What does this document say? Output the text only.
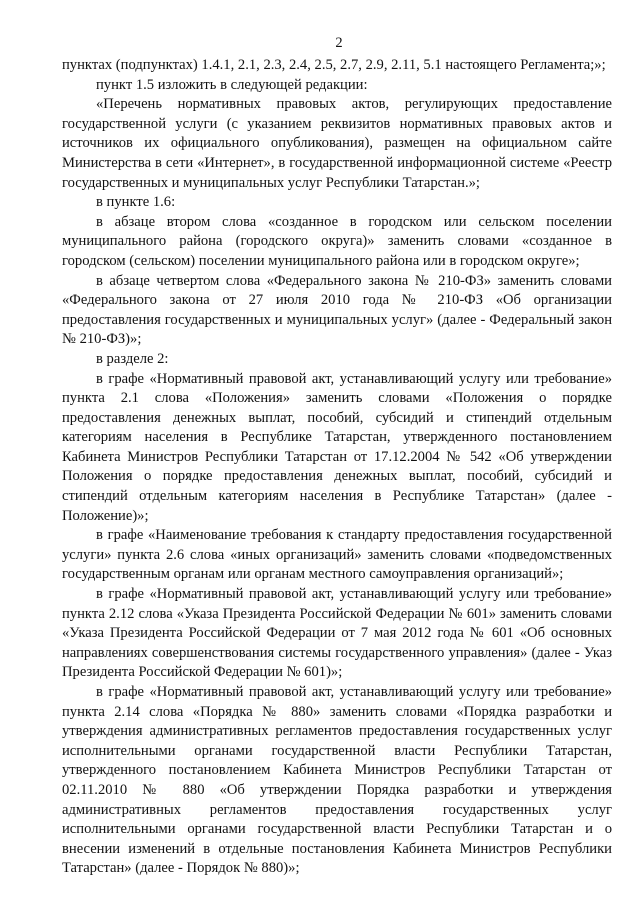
2

пунктах (подпунктах) 1.4.1, 2.1, 2.3, 2.4, 2.5, 2.7, 2.9, 2.11, 5.1 настоящего Регламента;»;

пункт 1.5 изложить в следующей редакции:

«Перечень нормативных правовых актов, регулирующих предоставление государственной услуги (с указанием реквизитов нормативных правовых актов и источников их официального опубликования), размещен на официальном сайте Министерства в сети «Интернет», в государственной информационной системе «Реестр государственных и муниципальных услуг Республики Татарстан.»;

в пункте 1.6:

в абзаце втором слова «созданное в городском или сельском поселении муниципального района (городского округа)» заменить словами «созданное в городском (сельском) поселении муниципального района или в городском округе»;

в абзаце четвертом слова «Федерального закона № 210-ФЗ» заменить словами «Федерального закона от 27 июля 2010 года № 210-ФЗ «Об организации предоставления государственных и муниципальных услуг» (далее - Федеральный закон № 210-ФЗ)»;

в разделе 2:

в графе «Нормативный правовой акт, устанавливающий услугу или требование» пункта 2.1 слова «Положения» заменить словами «Положения о порядке предоставления денежных выплат, пособий, субсидий и стипендий отдельным категориям населения в Республике Татарстан, утвержденного постановлением Кабинета Министров Республики Татарстан от 17.12.2004 № 542 «Об утверждении Положения о порядке предоставления денежных выплат, пособий, субсидий и стипендий отдельным категориям населения в Республике Татарстан» (далее - Положение)»;

в графе «Наименование требования к стандарту предоставления государственной услуги» пункта 2.6 слова «иных организаций» заменить словами «подведомственных государственным органам или органам местного самоуправления организаций»;

в графе «Нормативный правовой акт, устанавливающий услугу или требование» пункта 2.12 слова «Указа Президента Российской Федерации № 601» заменить словами «Указа Президента Российской Федерации от 7 мая 2012 года № 601 «Об основных направлениях совершенствования системы государственного управления» (далее - Указ Президента Российской Федерации № 601)»;

в графе «Нормативный правовой акт, устанавливающий услугу или требование» пункта 2.14 слова «Порядка № 880» заменить словами «Порядка разработки и утверждения административных регламентов предоставления государственных услуг исполнительными органами государственной власти Республики Татарстан, утвержденного постановлением Кабинета Министров Республики Татарстан от 02.11.2010 № 880 «Об утверждении Порядка разработки и утверждения административных регламентов предоставления государственных услуг исполнительными органами государственной власти Республики Татарстан и о внесении изменений в отдельные постановления Кабинета Министров Республики Татарстан» (далее - Порядок № 880)»;
